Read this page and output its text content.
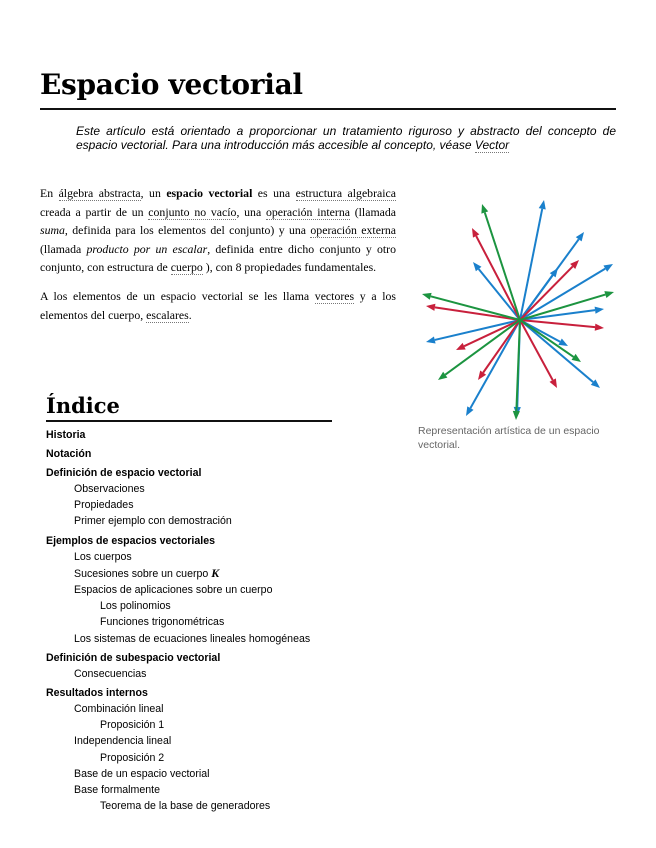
Espacio vectorial

Este artículo está orientado a proporcionar un tratamiento riguroso y abstracto del concepto de espacio vectorial. Para una introducción más accesible al concepto, véase Vector

En álgebra abstracta, un espacio vectorial es una estructura algebraica creada a partir de un conjunto no vacío, una operación interna (llamada suma, definida para los elementos del conjunto) y una operación externa (llamada producto por un escalar, definida entre dicho conjunto y otro conjunto, con estructura de cuerpo ), con 8 propiedades fundamentales.

A los elementos de un espacio vectorial se les llama vectores y a los elementos del cuerpo, escalares.

Representación artística de un espacio vectorial.
Índice
Historia
Notación
Definición de espacio vectorial
Observaciones
Propiedades
Primer ejemplo con demostración
Ejemplos de espacios vectoriales
Los cuerpos
Sucesiones sobre un cuerpo K
Espacios de aplicaciones sobre un cuerpo
Los polinomios
Funciones trigonométricas
Los sistemas de ecuaciones lineales homogéneas
Definición de subespacio vectorial
Consecuencias
Resultados internos
Combinación lineal
Proposición 1
Independencia lineal
Proposición 2
Base de un espacio vectorial
Base formalmente
Teorema de la base de generadores
